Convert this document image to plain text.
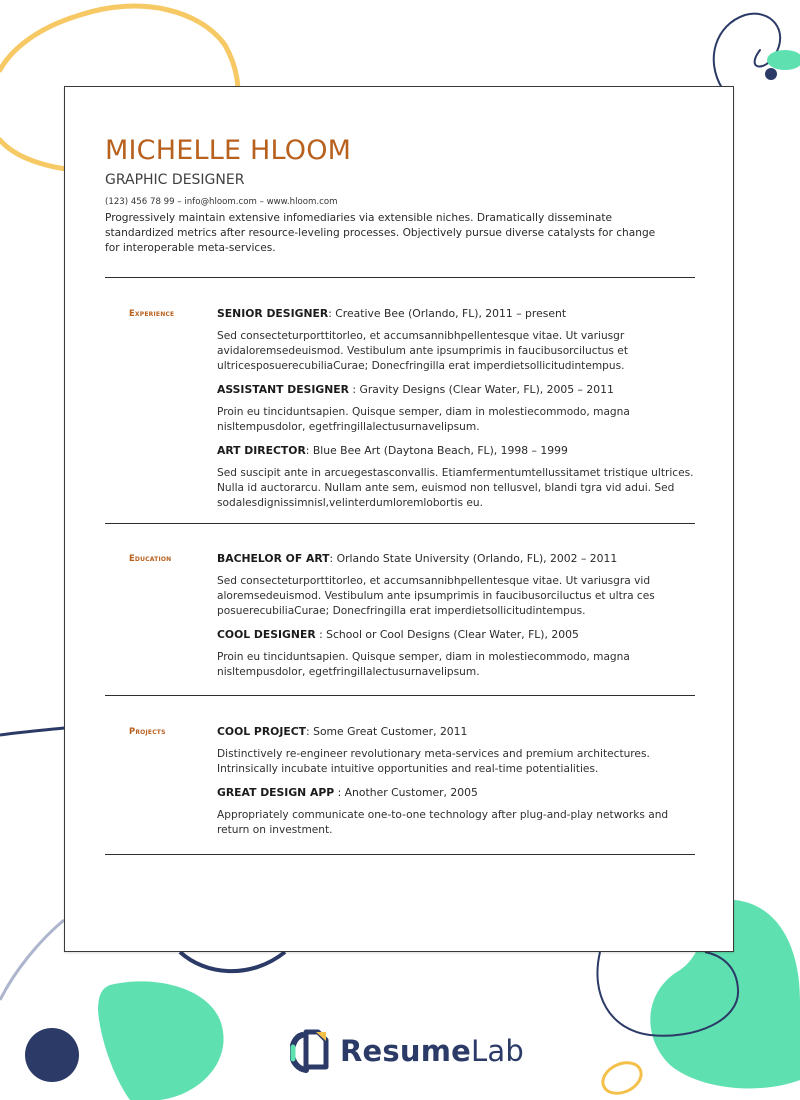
MICHELLE HLOOM
GRAPHIC DESIGNER
(123) 456 78 99 – info@hloom.com – www.hloom.com
Progressively maintain extensive infomediaries via extensible niches. Dramatically disseminate standardized metrics after resource-leveling processes. Objectively pursue diverse catalysts for change for interoperable meta-services.
Experience	SENIOR DESIGNER: Creative Bee (Orlando, FL), 2011 – present

Sed consecteturporttitorleo, et accumsannibhpellentesque vitae. Ut variusgr avidaloremsedeuismod. Vestibulum ante ipsumprimis in faucibusorciluctus et ultricesposuerecubiliaCurae; Donecfringilla erat imperdietsollicitudintempus.

ASSISTANT DESIGNER : Gravity Designs (Clear Water, FL), 2005 – 2011

Proin eu tinciduntsapien. Quisque semper, diam in molestiecommodo, magna nisltempusdolor, egetfringillalectusurnavelipsum.

ART DIRECTOR: Blue Bee Art (Daytona Beach, FL), 1998 – 1999

Sed suscipit ante in arcuegestasconvallis. Etiamfermentumtellussitamet tristique ultrices. Nulla id auctorarcu. Nullam ante sem, euismod non tellusvel, blandi tgra vid adui. Sed sodalesdignissimnisl,velinterdumloremlobortis eu.

Education	BACHELOR OF ART: Orlando State University (Orlando, FL), 2002 – 2011

Sed consecteturporttitorleo, et accumsannibhpellentesque vitae. Ut variusgra vid aloremsedeuismod. Vestibulum ante ipsumprimis in faucibusorciluctus et ultra ces posuerecubiliaCurae; Donecfringilla erat imperdietsollicitudintempus.

COOL DESIGNER : School or Cool Designs (Clear Water, FL), 2005

Proin eu tinciduntsapien. Quisque semper, diam in molestiecommodo, magna nisltempusdolor, egetfringillalectusurnavelipsum.

Projects	COOL PROJECT: Some Great Customer, 2011

Distinctively re-engineer revolutionary meta-services and premium architectures. Intrinsically incubate intuitive opportunities and real-time potentialities.

GREAT DESIGN APP : Another Customer, 2005

Appropriately communicate one-to-one technology after plug-and-play networks and return on investment.

ResumeLab
